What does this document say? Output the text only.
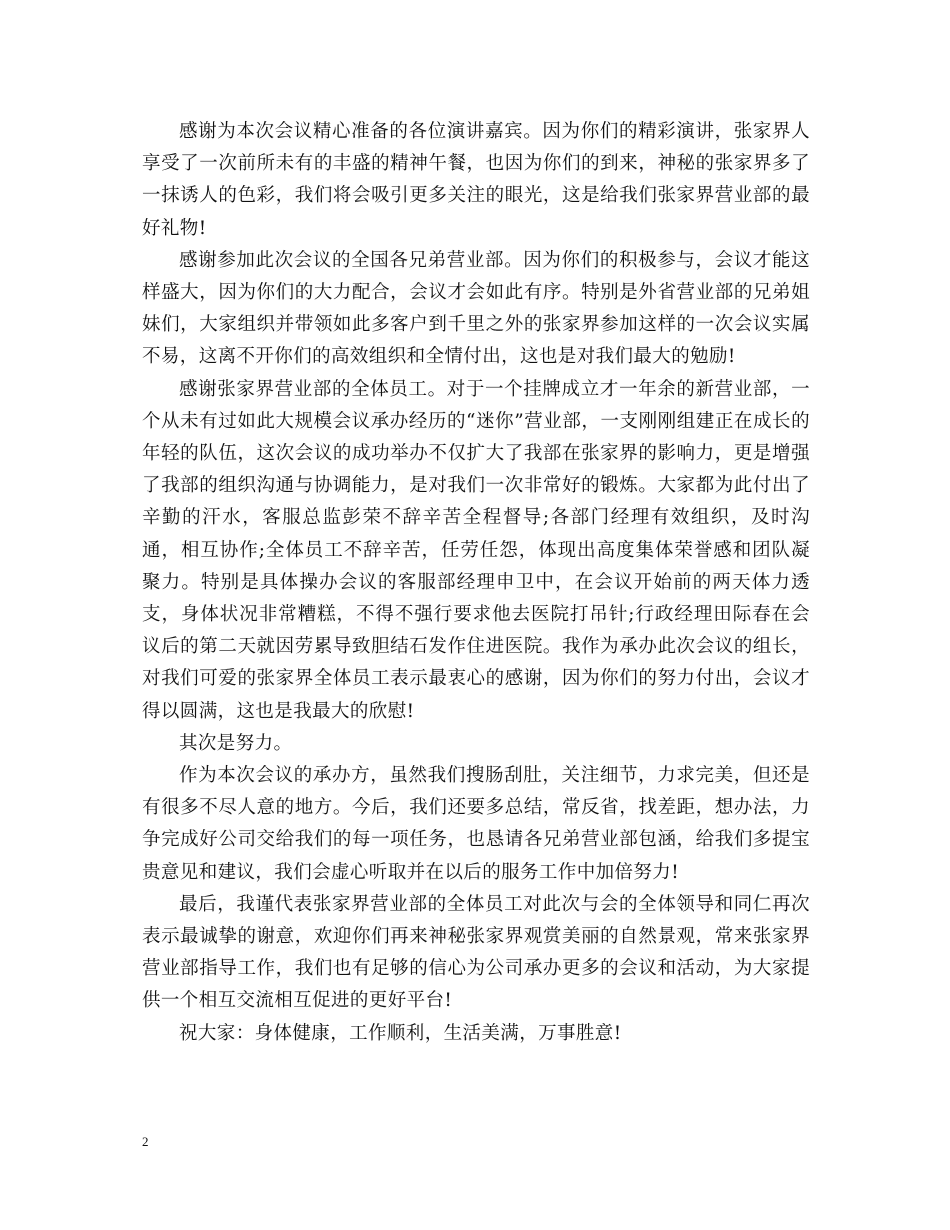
感谢为本次会议精心准备的各位演讲嘉宾。因为你们的精彩演讲，张家界人享受了一次前所未有的丰盛的精神午餐，也因为你们的到来，神秘的张家界多了一抹诱人的色彩，我们将会吸引更多关注的眼光，这是给我们张家界营业部的最好礼物!

感谢参加此次会议的全国各兄弟营业部。因为你们的积极参与，会议才能这样盛大，因为你们的大力配合，会议才会如此有序。特别是外省营业部的兄弟姐妹们，大家组织并带领如此多客户到千里之外的张家界参加这样的一次会议实属不易，这离不开你们的高效组织和全情付出，这也是对我们最大的勉励!

感谢张家界营业部的全体员工。对于一个挂牌成立才一年余的新营业部，一个从未有过如此大规模会议承办经历的“迷你”营业部，一支刚刚组建正在成长的年轻的队伍，这次会议的成功举办不仅扩大了我部在张家界的影响力，更是增强了我部的组织沟通与协调能力，是对我们一次非常好的锻炼。大家都为此付出了辛勤的汗水，客服总监彭荣不辞辛苦全程督导;各部门经理有效组织，及时沟通，相互协作;全体员工不辞辛苦，任劳任怨，体现出高度集体荣誉感和团队凝聚力。特别是具体操办会议的客服部经理申卫中，在会议开始前的两天体力透支，身体状况非常糟糕，不得不强行要求他去医院打吊针;行政经理田际春在会议后的第二天就因劳累导致胆结石发作住进医院。我作为承办此次会议的组长，对我们可爱的张家界全体员工表示最衷心的感谢，因为你们的努力付出，会议才得以圆满，这也是我最大的欣慰!

其次是努力。

作为本次会议的承办方，虽然我们搜肠刮肚，关注细节，力求完美，但还是有很多不尽人意的地方。今后，我们还要多总结，常反省，找差距，想办法，力争完成好公司交给我们的每一项任务，也恳请各兄弟营业部包涵，给我们多提宝贵意见和建议，我们会虚心听取并在以后的服务工作中加倍努力!

最后，我谨代表张家界营业部的全体员工对此次与会的全体领导和同仁再次表示最诚挚的谢意，欢迎你们再来神秘张家界观赏美丽的自然景观，常来张家界营业部指导工作，我们也有足够的信心为公司承办更多的会议和活动，为大家提供一个相互交流相互促进的更好平台!

祝大家：身体健康，工作顺利，生活美满，万事胜意!

2
